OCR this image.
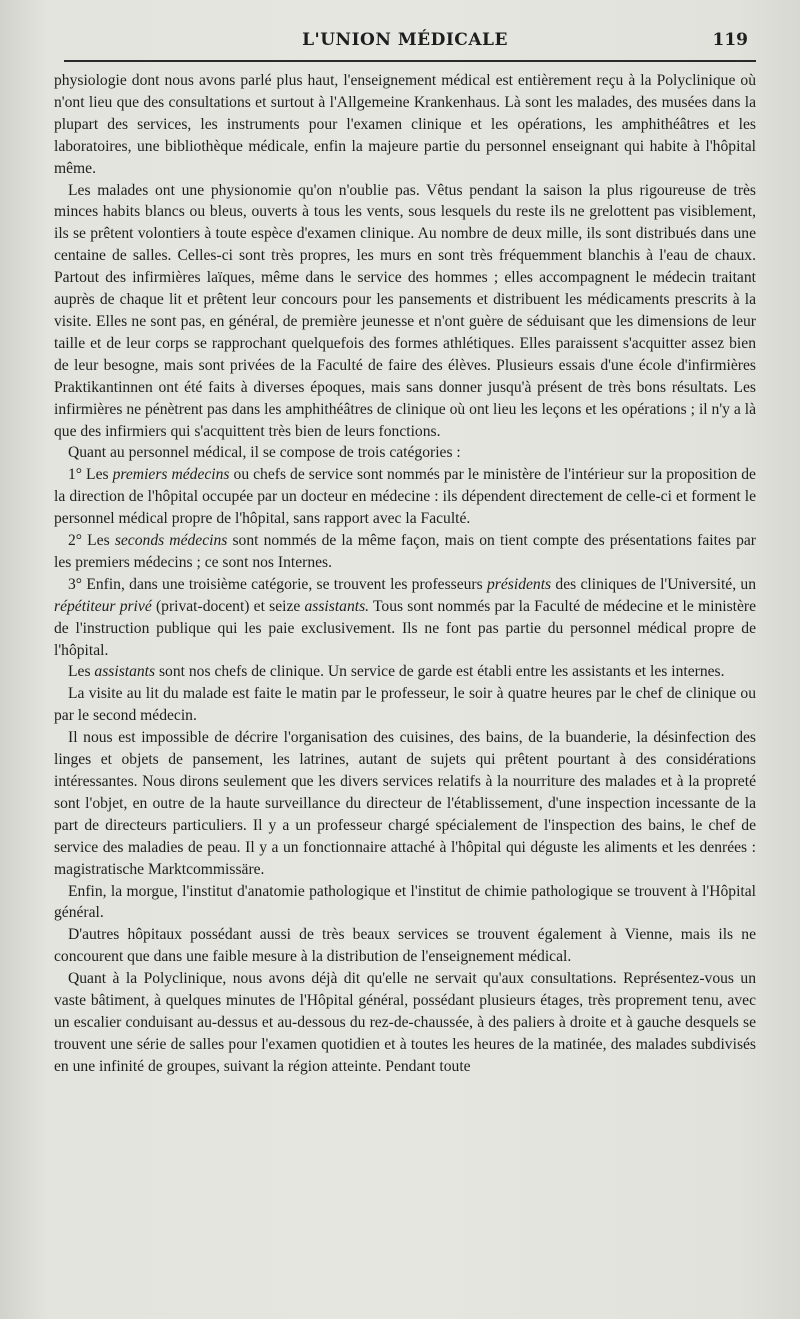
L'UNION MÉDICALE	119

physiologie dont nous avons parlé plus haut, l'enseignement médical est entièrement reçu à la Polyclinique où n'ont lieu que des consultations et surtout à l'Allgemeine Krankenhaus. Là sont les malades, des musées dans la plupart des services, les instruments pour l'examen clinique et les opérations, les amphithéâtres et les laboratoires, une bibliothèque médicale, enfin la majeure partie du personnel enseignant qui habite à l'hôpital même.

Les malades ont une physionomie qu'on n'oublie pas. Vêtus pendant la saison la plus rigoureuse de très minces habits blancs ou bleus, ouverts à tous les vents, sous lesquels du reste ils ne grelottent pas visiblement, ils se prêtent volontiers à toute espèce d'examen clinique. Au nombre de deux mille, ils sont distribués dans une centaine de salles. Celles-ci sont très propres, les murs en sont très fréquemment blanchis à l'eau de chaux. Partout des infirmières laïques, même dans le service des hommes ; elles accompagnent le médecin traitant auprès de chaque lit et prêtent leur concours pour les pansements et distribuent les médicaments prescrits à la visite. Elles ne sont pas, en général, de première jeunesse et n'ont guère de séduisant que les dimensions de leur taille et de leur corps se rapprochant quelquefois des formes athlétiques. Elles paraissent s'acquitter assez bien de leur besogne, mais sont privées de la Faculté de faire des élèves. Plusieurs essais d'une école d'infirmières Praktikantinnen ont été faits à diverses époques, mais sans donner jusqu'à présent de très bons résultats. Les infirmières ne pénètrent pas dans les amphithéâtres de clinique où ont lieu les leçons et les opérations ; il n'y a là que des infirmiers qui s'acquittent très bien de leurs fonctions.

Quant au personnel médical, il se compose de trois catégories :

1° Les premiers médecins ou chefs de service sont nommés par le ministère de l'intérieur sur la proposition de la direction de l'hôpital occupée par un docteur en médecine : ils dépendent directement de celle-ci et forment le personnel médical propre de l'hôpital, sans rapport avec la Faculté.

2° Les seconds médecins sont nommés de la même façon, mais on tient compte des présentations faites par les premiers médecins ; ce sont nos Internes.

3° Enfin, dans une troisième catégorie, se trouvent les professeurs présidents des cliniques de l'Université, un répétiteur privé (privat-docent) et seize assistants. Tous sont nommés par la Faculté de médecine et le ministère de l'instruction publique qui les paie exclusivement. Ils ne font pas partie du personnel médical propre de l'hôpital.

Les assistants sont nos chefs de clinique. Un service de garde est établi entre les assistants et les internes.

La visite au lit du malade est faite le matin par le professeur, le soir à quatre heures par le chef de clinique ou par le second médecin.

Il nous est impossible de décrire l'organisation des cuisines, des bains, de la buanderie, la désinfection des linges et objets de pansement, les latrines, autant de sujets qui prêtent pourtant à des considérations intéressantes. Nous dirons seulement que les divers services relatifs à la nourriture des malades et à la propreté sont l'objet, en outre de la haute surveillance du directeur de l'établissement, d'une inspection incessante de la part de directeurs particuliers. Il y a un professeur chargé spécialement de l'inspection des bains, le chef de service des maladies de peau. Il y a un fonctionnaire attaché à l'hôpital qui déguste les aliments et les denrées : magistratische Marktcommissäre.

Enfin, la morgue, l'institut d'anatomie pathologique et l'institut de chimie pathologique se trouvent à l'Hôpital général.

D'autres hôpitaux possédant aussi de très beaux services se trouvent également à Vienne, mais ils ne concourent que dans une faible mesure à la distribution de l'enseignement médical.

Quant à la Polyclinique, nous avons déjà dit qu'elle ne servait qu'aux consultations. Représentez-vous un vaste bâtiment, à quelques minutes de l'Hôpital général, possédant plusieurs étages, très proprement tenu, avec un escalier conduisant au-dessus et au-dessous du rez-de-chaussée, à des paliers à droite et à gauche desquels se trouvent une série de salles pour l'examen quotidien et à toutes les heures de la matinée, des malades subdivisés en une infinité de groupes, suivant la région atteinte. Pendant toute
